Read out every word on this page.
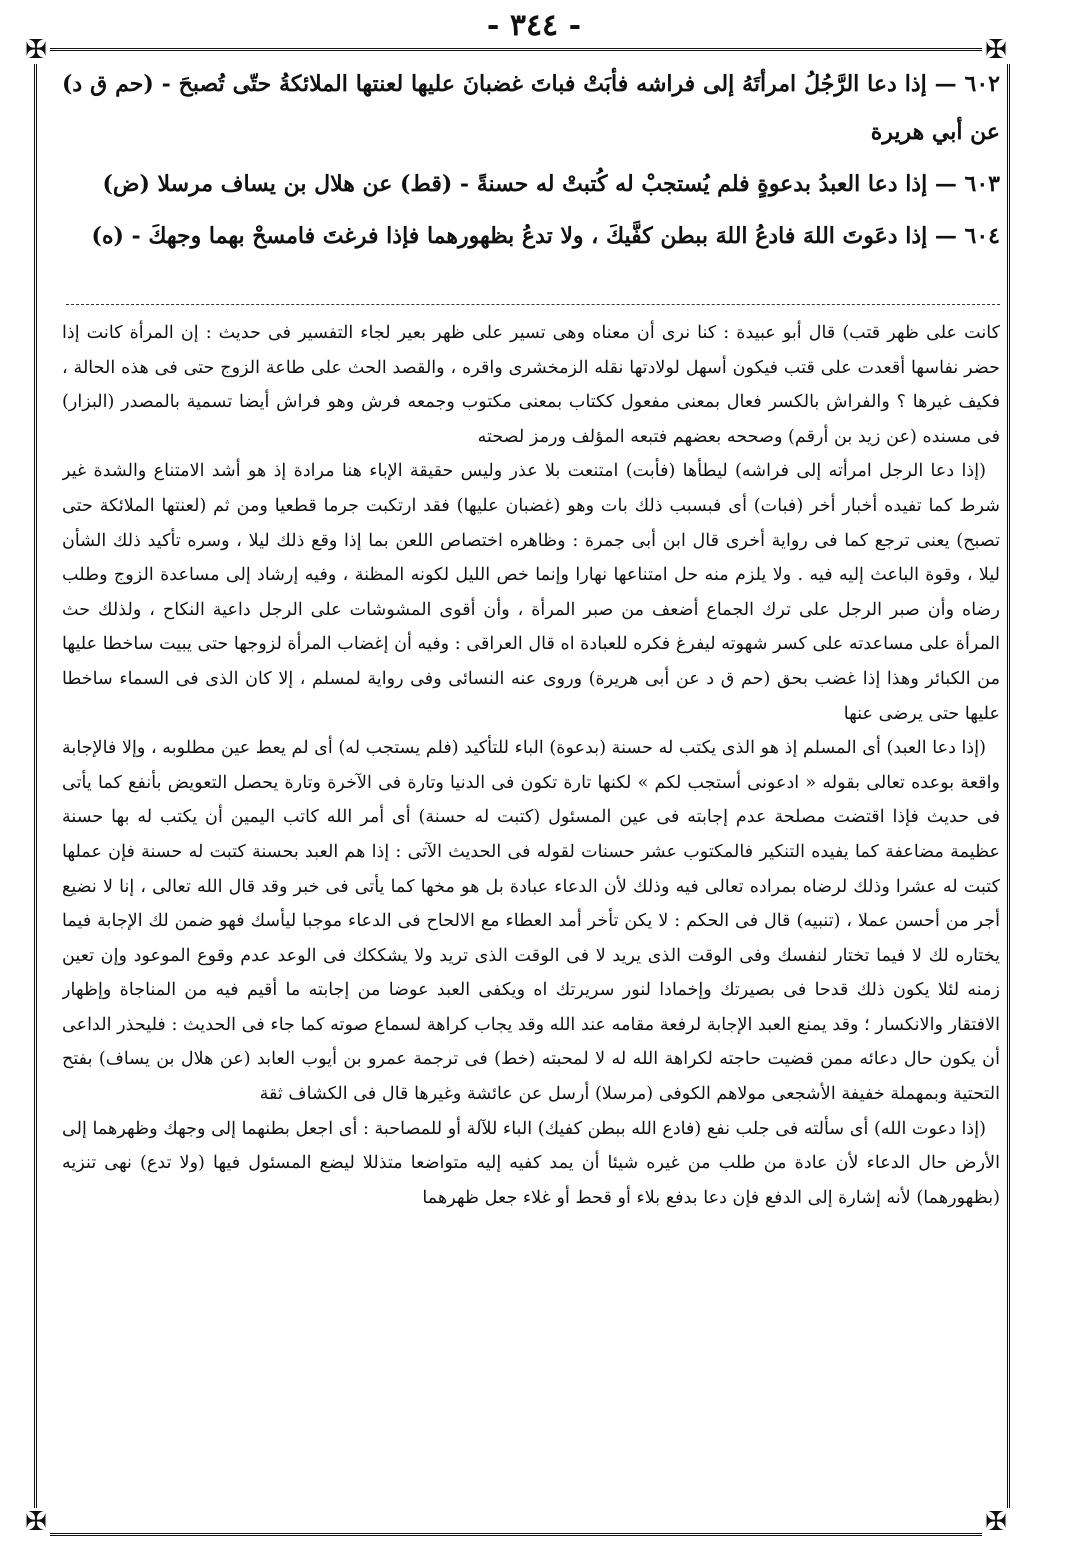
- ٣٤٤ -
✠	✠
✠	✠

٦٠٢ — إذا دعا الرَّجُلُ امرأتَهُ إلى فراشه فأبَتْ فباتَ غضبانَ عليها لعنتها الملائكةُ حتّى تُصبحَ - (حم ق د) عن أبي هريرة

٦٠٣ — إذا دعا العبدُ بدعوةٍ فلم يُستجبْ له كُتبتْ له حسنةً - (قط) عن هلال بن يساف مرسلا (ض)

٦٠٤ — إذا دعَوتَ اللهَ فادعُ اللهَ ببطن كفَّيكَ ، ولا تدعُ بظهورهما فإذا فرغتَ فامسحْ بهما وجهكَ - (ه)

كانت على ظهر قتب) قال أبو عبيدة : كنا نرى أن معناه وهى تسير على ظهر بعير لجاء التفسير فى حديث : إن المرأة كانت إذا حضر نفاسها أقعدت على قتب فيكون أسهل لولادتها نقله الزمخشرى واقره ، والقصد الحث على طاعة الزوج حتى فى هذه الحالة ، فكيف غيرها ؟ والفراش بالكسر فعال بمعنى مفعول ككتاب بمعنى مكتوب وجمعه فرش وهو فراش أيضا تسمية بالمصدر (البزار) فى مسنده (عن زيد بن أرقم) وصححه بعضهم فتبعه المؤلف ورمز لصحته

(إذا دعا الرجل امرأته إلى فراشه) ليطأها (فأبت) امتنعت بلا عذر وليس حقيقة الإباء هنا مرادة إذ هو أشد الامتناع والشدة غير شرط كما تفيده أخبار أخر (فبات) أى فبسبب ذلك بات وهو (غضبان عليها) فقد ارتكبت جرما قطعيا ومن ثم (لعنتها الملائكة حتى تصبح) يعنى ترجع كما فى رواية أخرى قال ابن أبى جمرة : وظاهره اختصاص اللعن بما إذا وقع ذلك ليلا ، وسره تأكيد ذلك الشأن ليلا ، وقوة الباعث إليه فيه . ولا يلزم منه حل امتناعها نهارا وإنما خص الليل لكونه المظنة ، وفيه إرشاد إلى مساعدة الزوج وطلب رضاه وأن صبر الرجل على ترك الجماع أضعف من صبر المرأة ، وأن أقوى المشوشات على الرجل داعية النكاح ، ولذلك حث المرأة على مساعدته على كسر شهوته ليفرغ فكره للعبادة اه قال العراقى : وفيه أن إغضاب المرأة لزوجها حتى يبيت ساخطا عليها من الكبائر وهذا إذا غضب بحق (حم ق د عن أبى هريرة) وروى عنه النسائى وفى رواية لمسلم ، إلا كان الذى فى السماء ساخطا عليها حتى يرضى عنها

(إذا دعا العبد) أى المسلم إذ هو الذى يكتب له حسنة (بدعوة) الباء للتأكيد (فلم يستجب له) أى لم يعط عين مطلوبه ، وإلا فالإجابة واقعة بوعده تعالى بقوله « ادعونى أستجب لكم » لكنها تارة تكون فى الدنيا وتارة فى الآخرة وتارة يحصل التعويض بأنفع كما يأتى فى حديث فإذا اقتضت مصلحة عدم إجابته فى عين المسئول (كتبت له حسنة) أى أمر الله كاتب اليمين أن يكتب له بها حسنة عظيمة مضاعفة كما يفيده التنكير فالمكتوب عشر حسنات لقوله فى الحديث الآتى : إذا هم العبد بحسنة كتبت له حسنة فإن عملها كتبت له عشرا وذلك لرضاه بمراده تعالى فيه وذلك لأن الدعاء عبادة بل هو مخها كما يأتى فى خبر وقد قال الله تعالى ، إنا لا نضيع أجر من أحسن عملا ، (تنبيه) قال فى الحكم : لا يكن تأخر أمد العطاء مع الالحاح فى الدعاء موجبا ليأسك فهو ضمن لك الإجابة فيما يختاره لك لا فيما تختار لنفسك وفى الوقت الذى يريد لا فى الوقت الذى تريد ولا يشككك فى الوعد عدم وقوع الموعود وإن تعين زمنه لئلا يكون ذلك قدحا فى بصيرتك وإخمادا لنور سريرتك اه ويكفى العبد عوضا من إجابته ما أقيم فيه من المناجاة وإظهار الافتقار والانكسار ؛ وقد يمنع العبد الإجابة لرفعة مقامه عند الله وقد يجاب كراهة لسماع صوته كما جاء فى الحديث : فليحذر الداعى أن يكون حال دعائه ممن قضيت حاجته لكراهة الله له لا لمحبته (خط) فى ترجمة عمرو بن أيوب العابد (عن هلال بن يساف) بفتح التحتية وبمهملة خفيفة الأشجعى مولاهم الكوفى (مرسلا) أرسل عن عائشة وغيرها قال فى الكشاف ثقة

(إذا دعوت الله) أى سألته فى جلب نفع (فادع الله ببطن كفيك) الباء للآلة أو للمصاحبة : أى اجعل بطنهما إلى وجهك وظهرهما إلى الأرض حال الدعاء لأن عادة من طلب من غيره شيئا أن يمد كفيه إليه متواضعا متذللا ليضع المسئول فيها (ولا تدع) نهى تنزيه (بظهورهما) لأنه إشارة إلى الدفع فإن دعا بدفع بلاء أو قحط أو غلاء جعل ظهرهما
